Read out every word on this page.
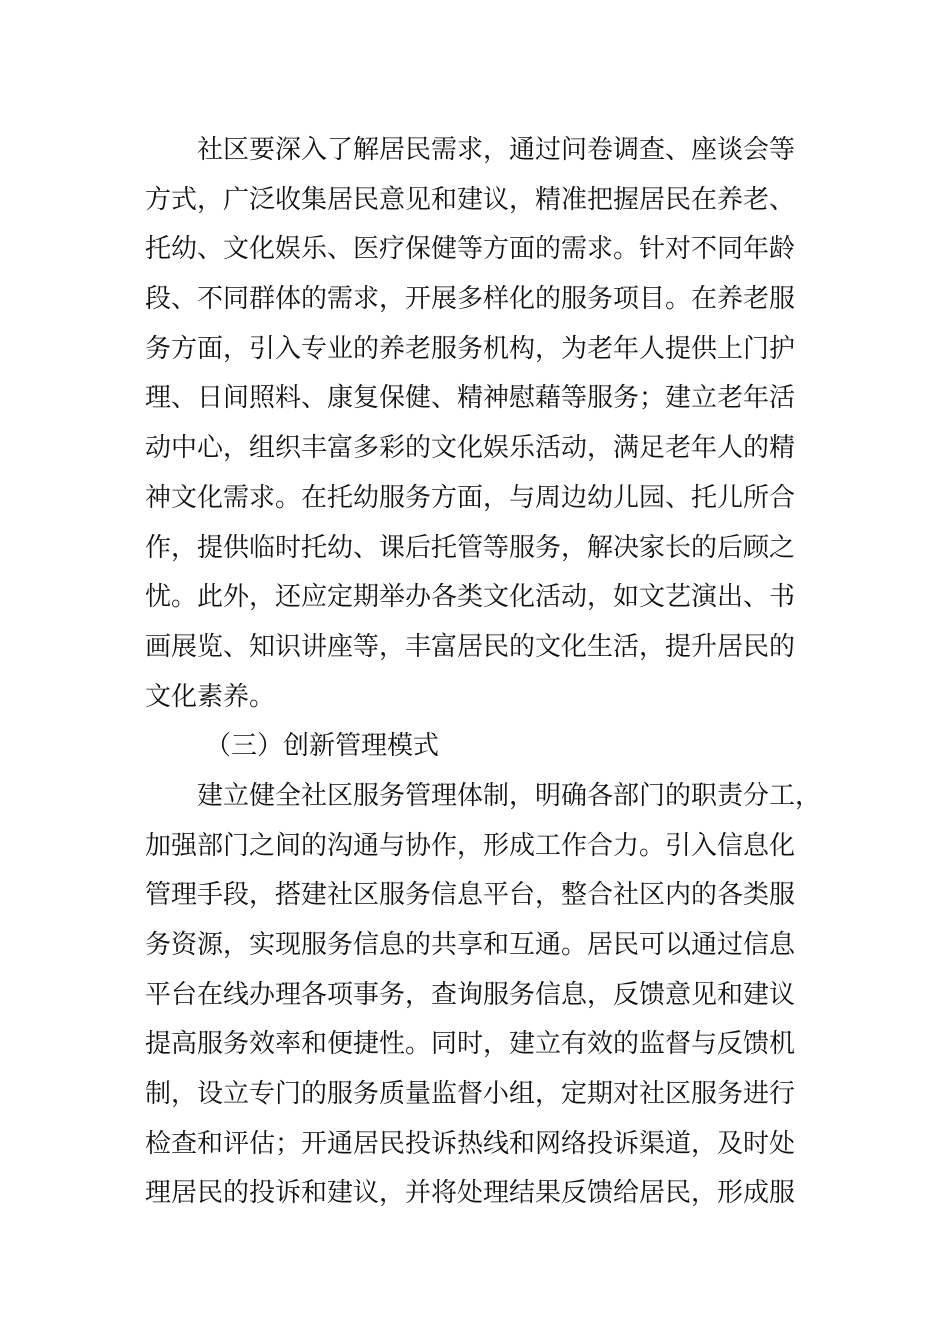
社区要深入了解居民需求，通过问卷调查、座谈会等
方式，广泛收集居民意见和建议，精准把握居民在养老、
托幼、文化娱乐、医疗保健等方面的需求。针对不同年龄
段、不同群体的需求，开展多样化的服务项目。在养老服
务方面，引入专业的养老服务机构，为老年人提供上门护
理、日间照料、康复保健、精神慰藉等服务；建立老年活
动中心，组织丰富多彩的文化娱乐活动，满足老年人的精
神文化需求。在托幼服务方面，与周边幼儿园、托儿所合
作，提供临时托幼、课后托管等服务，解决家长的后顾之
忧。此外，还应定期举办各类文化活动，如文艺演出、书
画展览、知识讲座等，丰富居民的文化生活，提升居民的
文化素养。
（三）创新管理模式
建立健全社区服务管理体制，明确各部门的职责分工，
加强部门之间的沟通与协作，形成工作合力。引入信息化
管理手段，搭建社区服务信息平台，整合社区内的各类服
务资源，实现服务信息的共享和互通。居民可以通过信息
平台在线办理各项事务，查询服务信息，反馈意见和建议
提高服务效率和便捷性。同时，建立有效的监督与反馈机
制，设立专门的服务质量监督小组，定期对社区服务进行
检查和评估；开通居民投诉热线和网络投诉渠道，及时处
理居民的投诉和建议，并将处理结果反馈给居民，形成服
